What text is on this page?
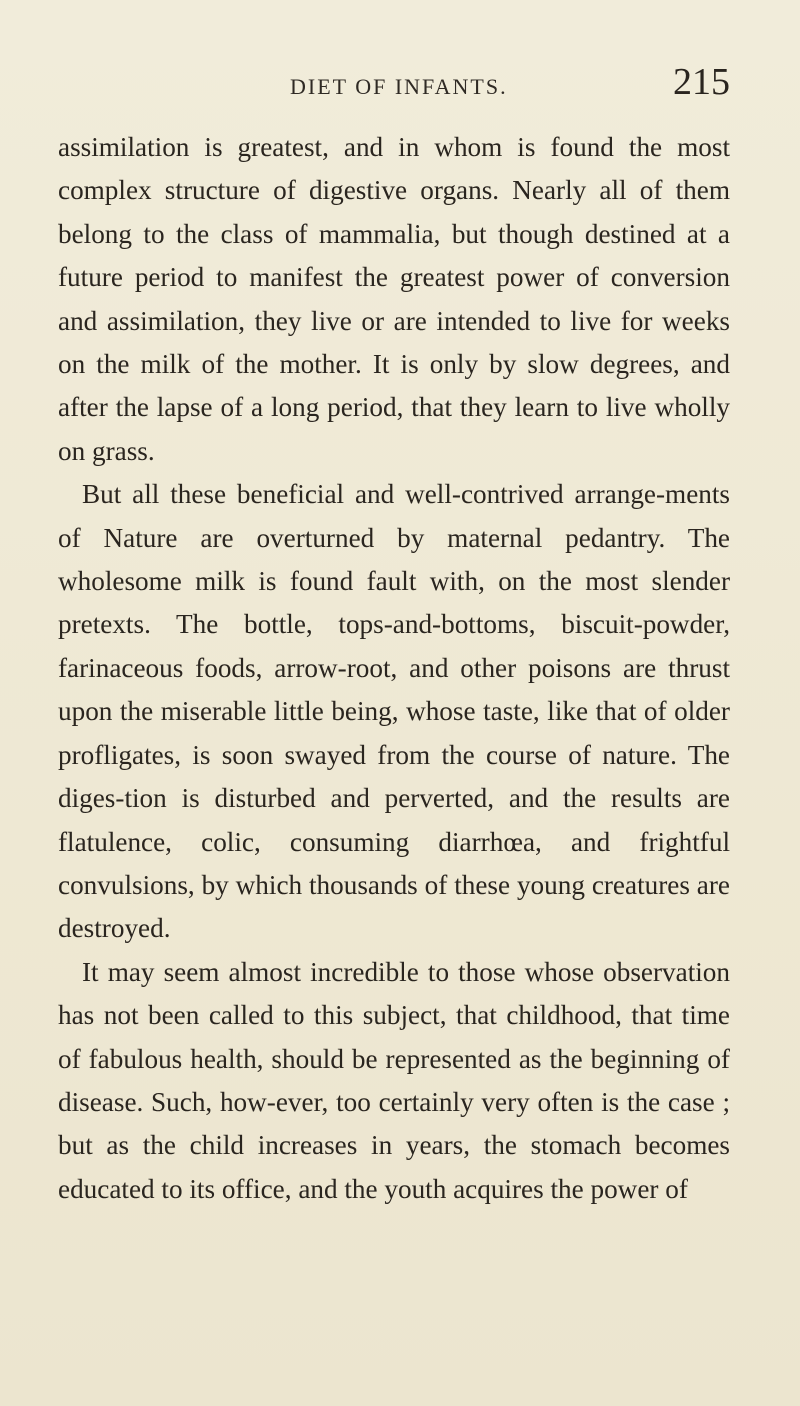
DIET OF INFANTS.	215

assimilation is greatest, and in whom is found the most complex structure of digestive organs. Nearly all of them belong to the class of mammalia, but though destined at a future period to manifest the greatest power of conversion and assimilation, they live or are intended to live for weeks on the milk of the mother. It is only by slow degrees, and after the lapse of a long period, that they learn to live wholly on grass.

But all these beneficial and well-contrived arrange-ments of Nature are overturned by maternal pedantry. The wholesome milk is found fault with, on the most slender pretexts. The bottle, tops-and-bottoms, biscuit-powder, farinaceous foods, arrow-root, and other poisons are thrust upon the miserable little being, whose taste, like that of older profligates, is soon swayed from the course of nature. The diges-tion is disturbed and perverted, and the results are flatulence, colic, consuming diarrhœa, and frightful convulsions, by which thousands of these young creatures are destroyed.

It may seem almost incredible to those whose observation has not been called to this subject, that childhood, that time of fabulous health, should be represented as the beginning of disease. Such, how-ever, too certainly very often is the case ; but as the child increases in years, the stomach becomes educated to its office, and the youth acquires the power of
